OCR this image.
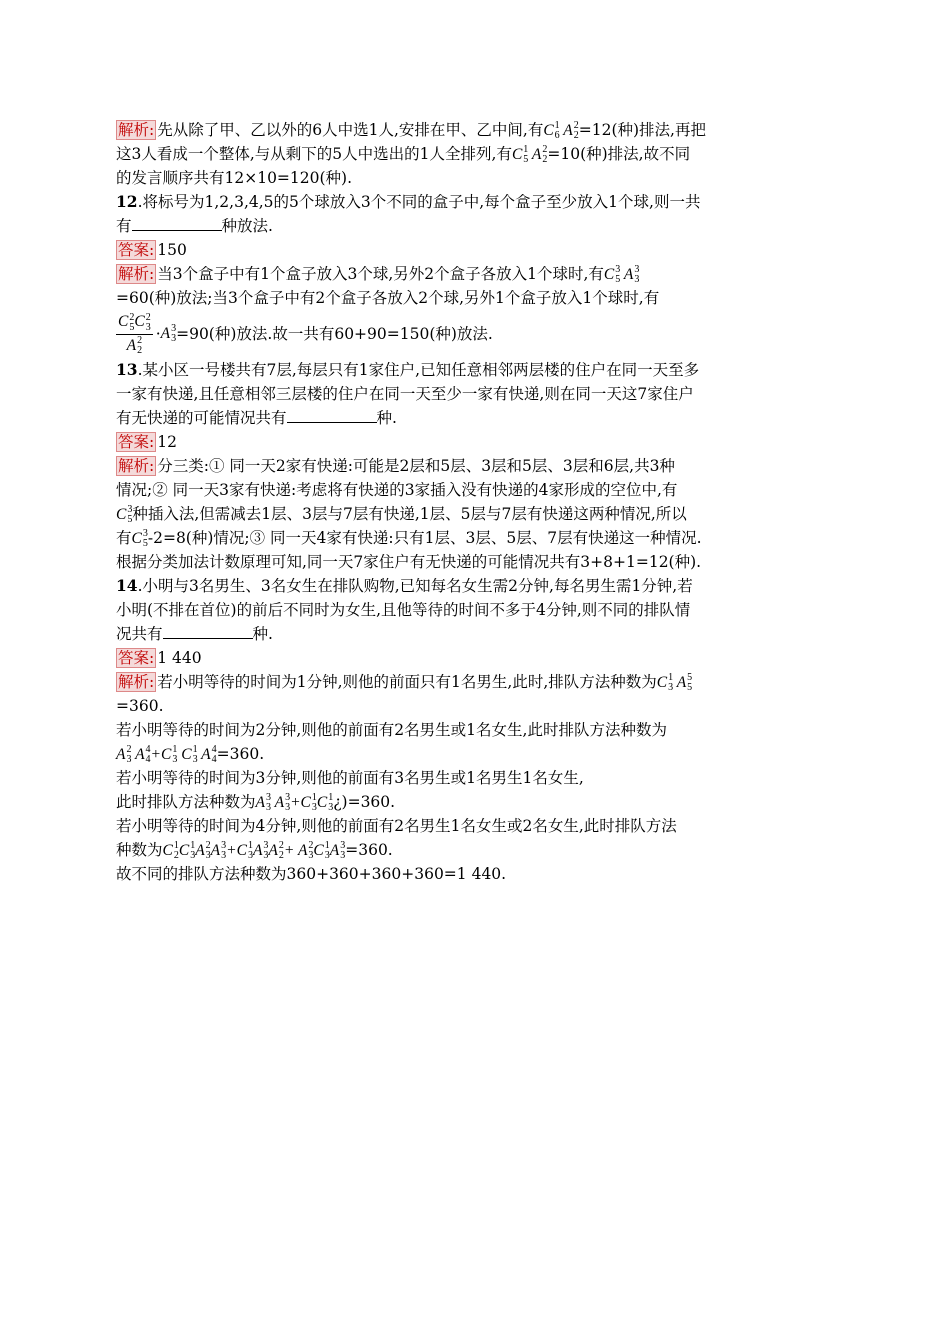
解析: 先从除了甲、乙以外的6人中选1人,安排在甲、乙中间,有C 1
6 A 2
2 =12(种)排法,再把
这3人看成一个整体,与从剩下的5人中选出的1人全排列,有C 1
5 A 2
2 =10(种)排法,故不同
的发言顺序共有12×10=120(种).
12.将标号为1,2,3,4,5的5个球放入3个不同的盒子中,每个盒子至少放入1个球,则一共
有	种放法.
答案: 150
解析: 当3个盒子中有1个盒子放入3个球,另外2个盒子各放入1个球时,有C 3
5 A 3
3
=60(种)放法;当3个盒子中有2个盒子各放入2个球,另外1个盒子放入1个球时,有
C 2
5 C 2
3
A 2
2 · A 3
3 =90(种)放法.故一共有60+90=150(种)放法.
13.某小区一号楼共有7层,每层只有1家住户,已知任意相邻两层楼的住户在同一天至多
一家有快递,且任意相邻三层楼的住户在同一天至少一家有快递,则在同一天这7家住户
有无快递的可能情况共有	种.
答案: 12
解析: 分三类:① 同一天2家有快递:可能是2层和5层、3层和5层、3层和6层,共3种
情况;② 同一天3家有快递:考虑将有快递的3家插入没有快递的4家形成的空位中,有
C 3
5 种插入法,但需减去1层、3层与7层有快递,1层、5层与7层有快递这两种情况,所以
有C 3
5 -2=8(种)情况;③ 同一天4家有快递:只有1层、3层、5层、7层有快递这一种情况.
根据分类加法计数原理可知,同一天7家住户有无快递的可能情况共有3+8+1=12(种).
14.小明与3名男生、3名女生在排队购物,已知每名女生需2分钟,每名男生需1分钟,若
小明(不排在首位)的前后不同时为女生,且他等待的时间不多于4分钟,则不同的排队情
况共有	种.
答案: 1 440
解析: 若小明等待的时间为1分钟,则他的前面只有1名男生,此时,排队方法种数为C 1
3 A 5
5
=360.
若小明等待的时间为2分钟,则他的前面有2名男生或1名女生,此时排队方法种数为
A 2
3 A 4
4 +C 1
3 C 1
3 A 4
4 =360.
若小明等待的时间为3分钟,则他的前面有3名男生或1名男生1名女生,
此时排队方法种数为A 3
3 A 3
3 +C 1
3 C 1
3 ¿)=360.
若小明等待的时间为4分钟,则他的前面有2名男生1名女生或2名女生,此时排队方法
种数为C 1
2 C 1
3 A 2
3 A 3
3 +C 1
3 A 3
3 A 2
2 + A 2
3 C 1
3 A 3
3 =360.
故不同的排队方法种数为360+360+360+360=1 440.
